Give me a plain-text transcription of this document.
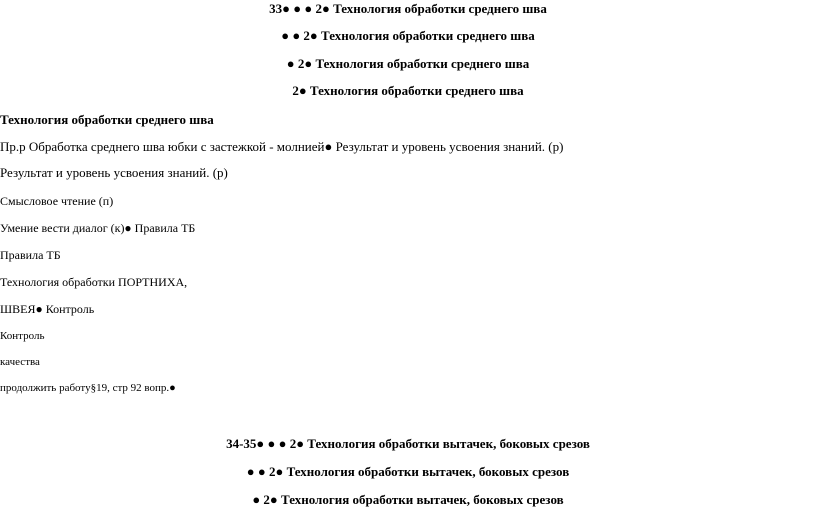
33● ● ● 2● Технология обработки среднего шва
● ● 2● Технология обработки среднего шва
● 2● Технология обработки среднего шва
2● Технология обработки среднего шва
Технология обработки среднего шва
Пр.р Обработка среднего шва юбки с застежкой - молнией● Результат и уровень усвоения знаний. (р)
Результат и уровень усвоения знаний. (р)
Смысловое чтение (п)
Умение вести диалог (к)● Правила ТБ
Правила ТБ
Технология обработки ПОРТНИХА,
ШВЕЯ● Контроль
Контроль
качества
продолжить работу§19, стр 92 вопр.●
34-35● ● ● 2● Технология обработки вытачек, боковых срезов
● ● 2● Технология обработки вытачек, боковых срезов
● 2● Технология обработки вытачек, боковых срезов
